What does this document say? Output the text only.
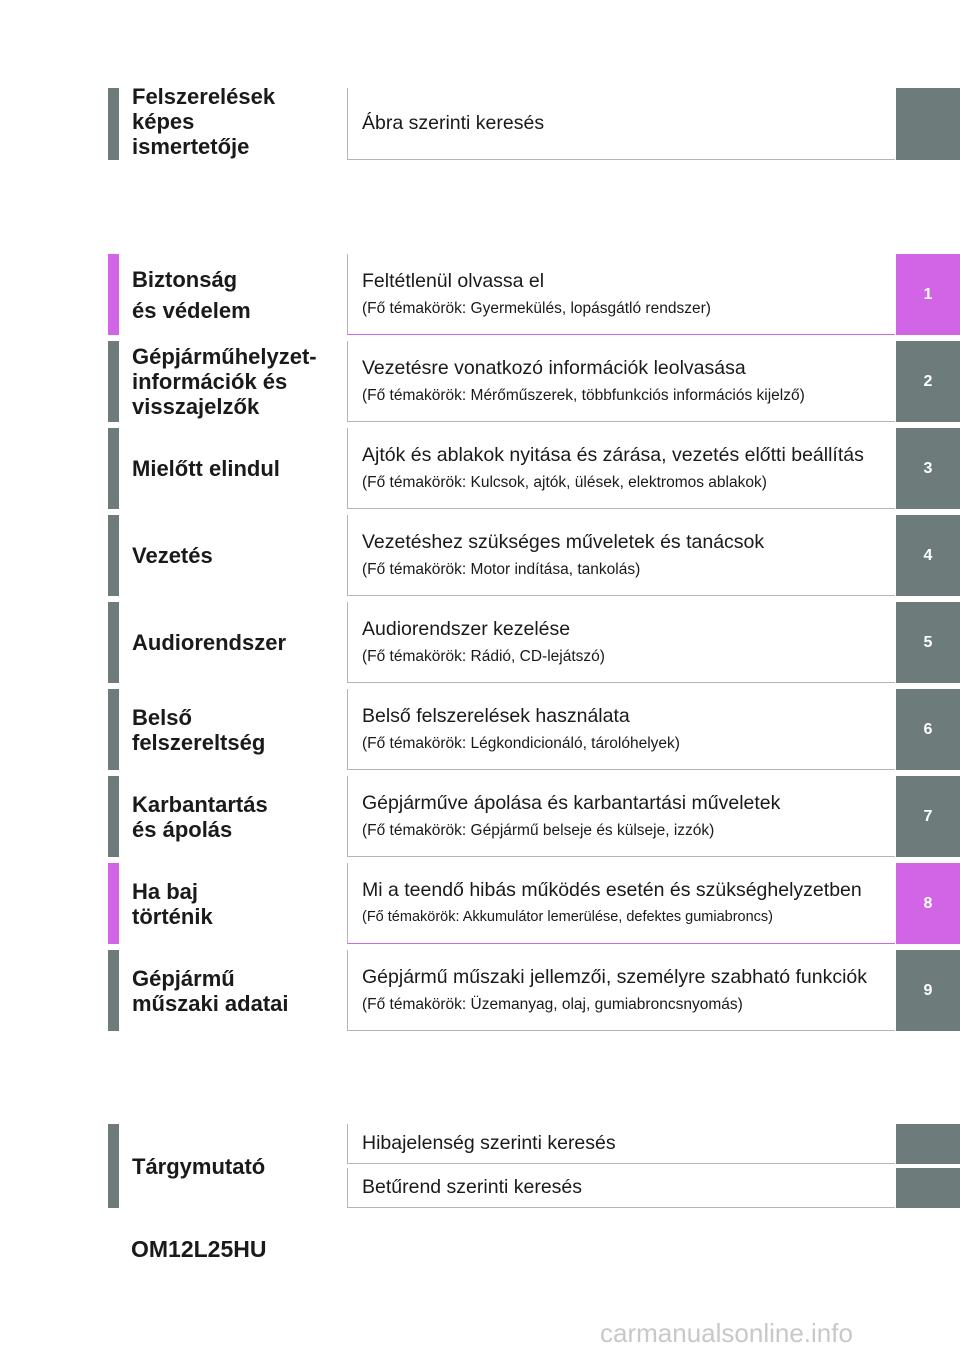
Felszerelések
képes
ismertetője
Ábra szerinti keresés
Biztonság
és védelem
Feltétlenül olvassa el
(Fő témakörök: Gyermekülés, lopásgátló rendszer)
1
Gépjárműhelyzet-
információk és
visszajelzők
Vezetésre vonatkozó információk leolvasása
(Fő témakörök: Mérőműszerek, többfunkciós információs kijelző)
2
Mielőtt elindul
Ajtók és ablakok nyitása és zárása, vezetés előtti beállítás
(Fő témakörök: Kulcsok, ajtók, ülések, elektromos ablakok)
3
Vezetés
Vezetéshez szükséges műveletek és tanácsok
(Fő témakörök: Motor indítása, tankolás)
4
Audiorendszer
Audiorendszer kezelése
(Fő témakörök: Rádió, CD-lejátszó)
5
Belső
felszereltség
Belső felszerelések használata
(Fő témakörök: Légkondicionáló, tárolóhelyek)
6
Karbantartás
és ápolás
Gépjárműve ápolása és karbantartási műveletek
(Fő témakörök: Gépjármű belseje és külseje, izzók)
7
Ha baj
történik
Mi a teendő hibás működés esetén és szükséghelyzetben
(Fő témakörök: Akkumulátor lemerülése, defektes gumiabroncs)
8
Gépjármű
műszaki adatai
Gépjármű műszaki jellemzői, személyre szabható funkciók
(Fő témakörök: Üzemanyag, olaj, gumiabroncsnyomás)
9
Tárgymutató
Hibajelenség szerinti keresés
Betűrend szerinti keresés
OM12L25HU
carmanualsonline.info
